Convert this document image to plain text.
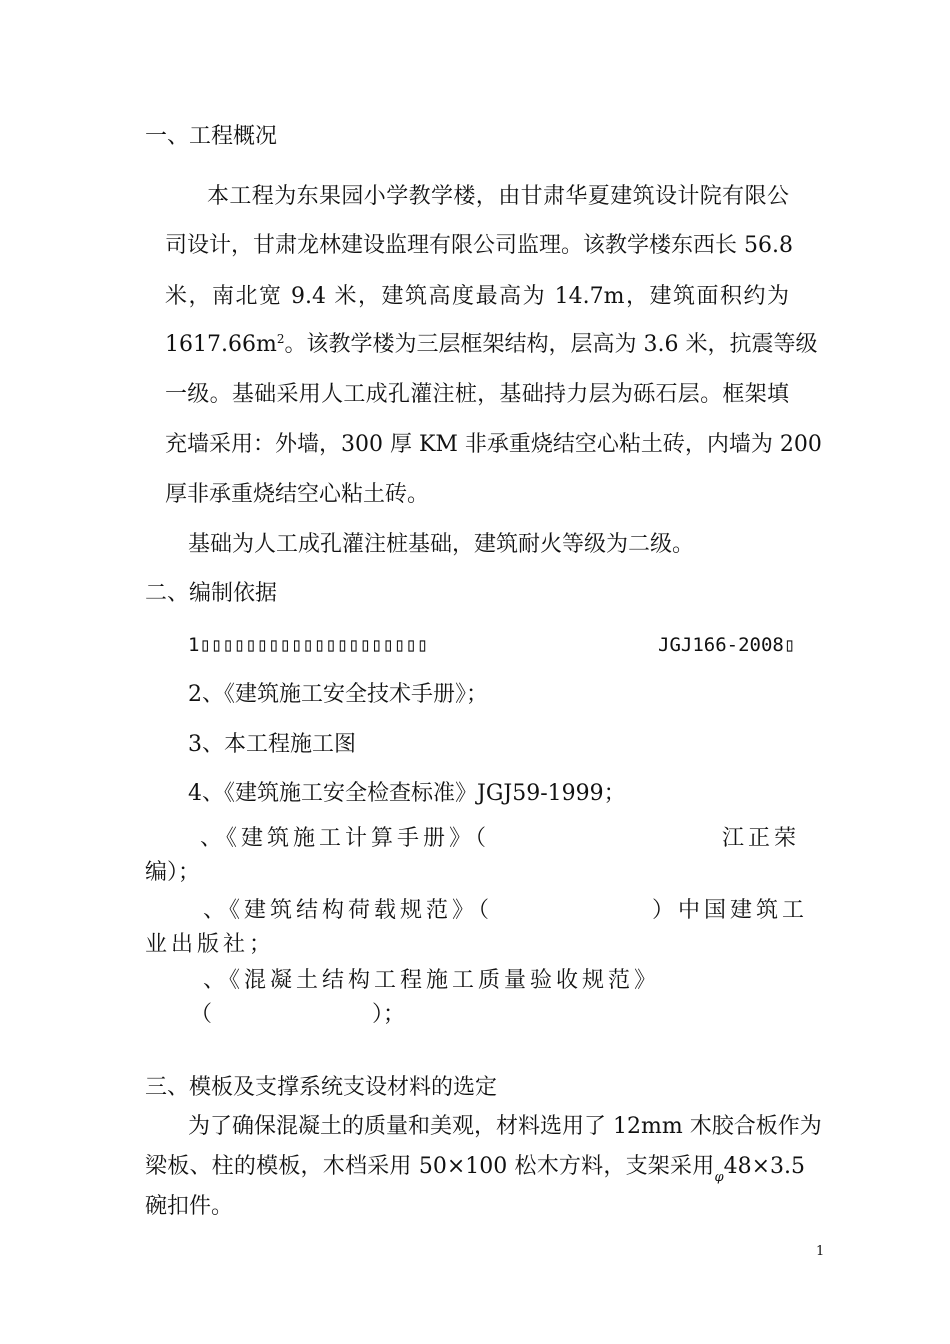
一、工程概况
本工程为东果园小学教学楼，由甘肃华夏建筑设计院有限公
司设计，甘肃龙林建设监理有限公司监理。该教学楼东西长 56.8
米，南北宽 9.4 米，建筑高度最高为 14.7m，建筑面积约为
$1617.66m^2$。该教学楼为三层框架结构，层高为 3.6 米，抗震等级
一级。基础采用人工成孔灌注桩，基础持力层为砾石层。框架填
充墙采用：外墙，300 厚 KM 非承重烧结空心粘土砖，内墙为 200
厚非承重烧结空心粘土砖。
基础为人工成孔灌注桩基础，建筑耐火等级为二级。
二、编制依据
1▯▯▯▯▯▯▯▯▯▯▯▯▯▯▯▯▯▯▯▯	JGJ166-2008▯
2、《建筑施工安全技术手册》；
3、本工程施工图
4、《建筑施工安全检查标准》JGJ59-1999；
、《建筑施工计算手册》（	江正荣
编）；
、《建筑结构荷载规范》（	）中国建筑工
业出版社；
、《混凝土结构工程施工质量验收规范》
（	）；
三、模板及支撑系统支设材料的选定
为了确保混凝土的质量和美观，材料选用了 12mm 木胶合板作为
梁板、柱的模板，木档采用 50×100 松木方料，支架采用$_\varphi$48×3.5
碗扣件。
1
